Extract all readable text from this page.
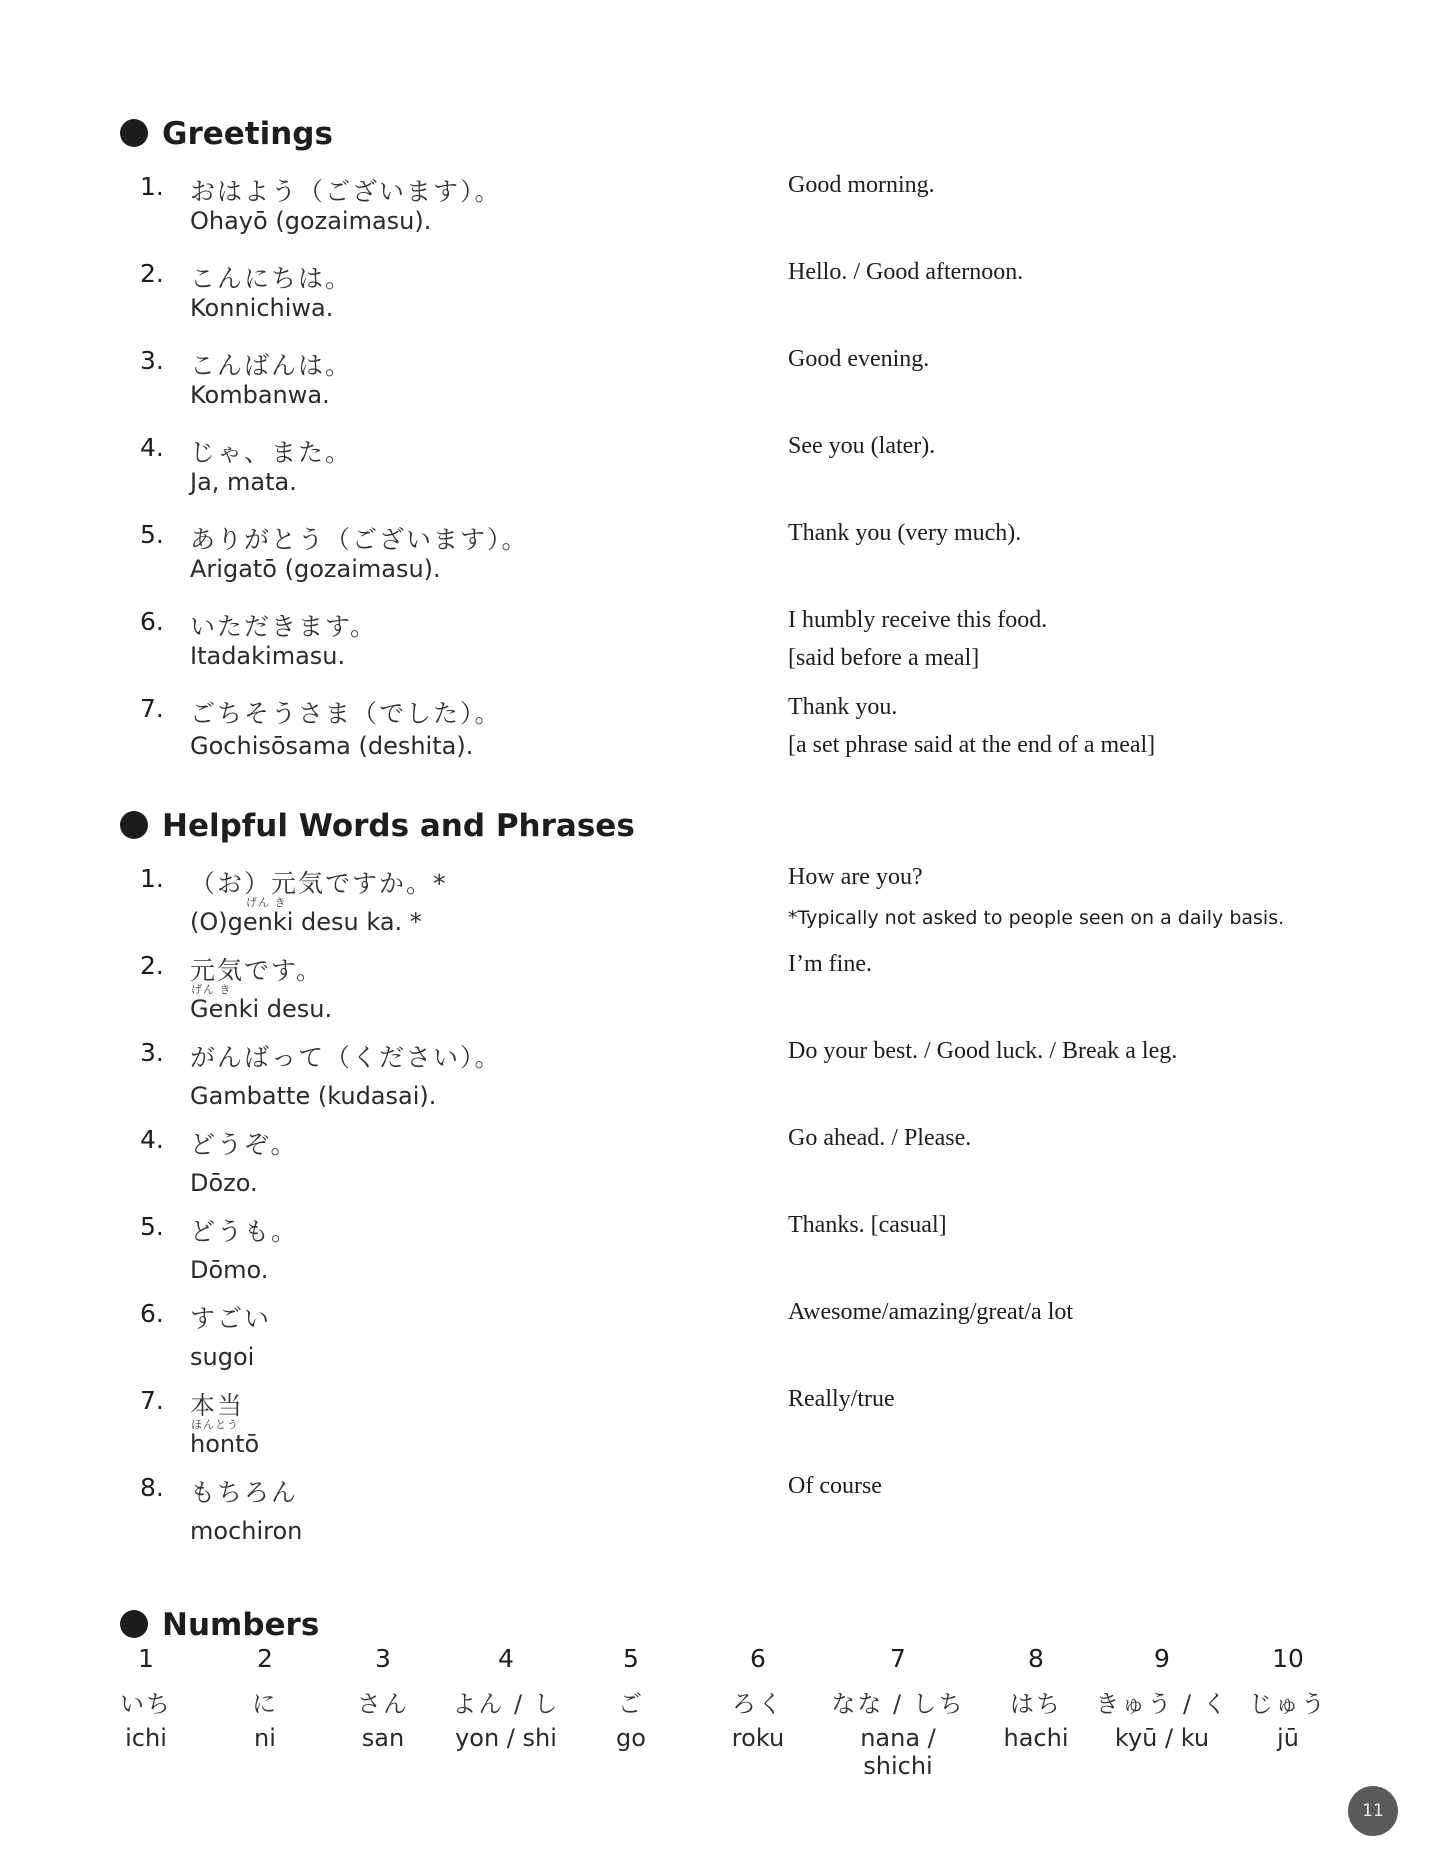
Greetings
1. おはよう（ございます）。
Ohayō (gozaimasu).
Good morning.
2. こんにちは。
Konnichiwa.
Hello. / Good afternoon.
3. こんばんは。
Kombanwa.
Good evening.
4. じゃ、また。
Ja, mata.
See you (later).
5. ありがとう（ございます）。
Arigatō (gozaimasu).
Thank you (very much).
6. いただきます。
Itadakimasu.
I humbly receive this food.
[said before a meal]
7. ごちそうさま（でした）。
Gochisōsama (deshita).
Thank you.
[a set phrase said at the end of a meal]
Helpful Words and Phrases
1. （お）元気ですか。*
げん き
(O)genki desu ka. *
How are you?
*Typically not asked to people seen on a daily basis.
2. 元気です。
げん き
Genki desu.
I’m fine.
3. がんばって（ください）。
Gambatte (kudasai).
Do your best. / Good luck. / Break a leg.
4. どうぞ。
Dōzo.
Go ahead. / Please.
5. どうも。
Dōmo.
Thanks. [casual]
6. すごい
sugoi
Awesome/amazing/great/a lot
7. 本当
ほんとう
hontō
Really/true
8. もちろん
mochiron
Of course
Numbers
1
いち
ichi
2
に
ni
3
さん
san
4
よん / し
yon / shi
5
ご
go
6
ろく
roku
7
なな / しち
nana / shichi
8
はち
hachi
9
きゅう / く
kyū / ku
10
じゅう
jū
11
